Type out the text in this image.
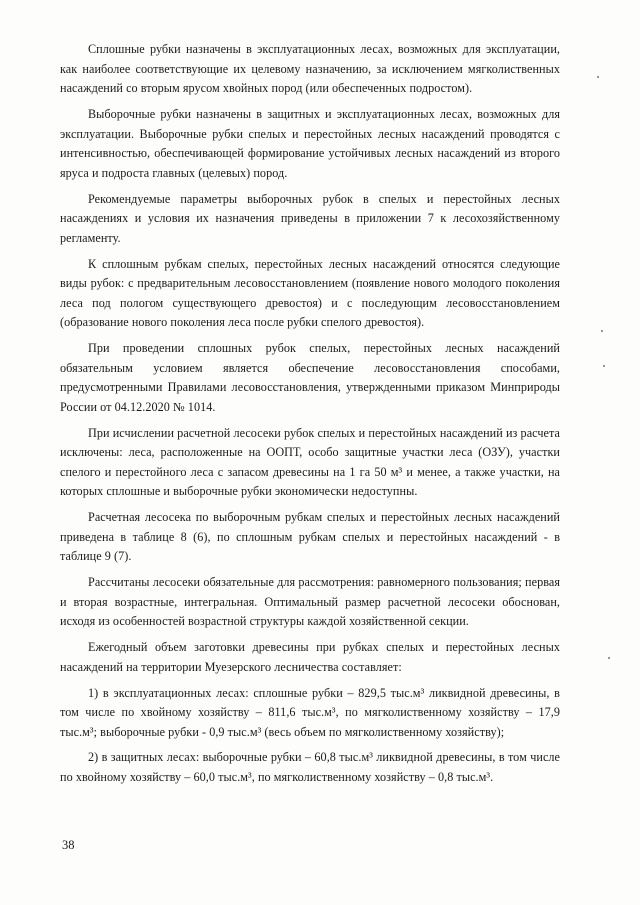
Сплошные рубки назначены в эксплуатационных лесах, возможных для эксплуатации, как наиболее соответствующие их целевому назначению, за исключением мягколиственных насаждений со вторым ярусом хвойных пород (или обеспеченных подростом).

Выборочные рубки назначены в защитных и эксплуатационных лесах, возможных для эксплуатации. Выборочные рубки спелых и перестойных лесных насаждений проводятся с интенсивностью, обеспечивающей формирование устойчивых лесных насаждений из второго яруса и подроста главных (целевых) пород.

Рекомендуемые параметры выборочных рубок в спелых и перестойных лесных насаждениях и условия их назначения приведены в приложении 7 к лесохозяйственному регламенту.

К сплошным рубкам спелых, перестойных лесных насаждений относятся следующие виды рубок: с предварительным лесовосстановлением (появление нового молодого поколения леса под пологом существующего древостоя) и с последующим лесовосстановлением (образование нового поколения леса после рубки спелого древостоя).

При проведении сплошных рубок спелых, перестойных лесных насаждений обязательным условием является обеспечение лесовосстановления способами, предусмотренными Правилами лесовосстановления, утвержденными приказом Минприроды России от 04.12.2020 № 1014.

При исчислении расчетной лесосеки рубок спелых и перестойных насаждений из расчета исключены: леса, расположенные на ООПТ, особо защитные участки леса (ОЗУ), участки спелого и перестойного леса с запасом древесины на 1 га 50 м³ и менее, а также участки, на которых сплошные и выборочные рубки экономически недоступны.

Расчетная лесосека по выборочным рубкам спелых и перестойных лесных насаждений приведена в таблице 8 (6), по сплошным рубкам спелых и перестойных насаждений - в таблице 9 (7).

Рассчитаны лесосеки обязательные для рассмотрения: равномерного пользования; первая и вторая возрастные, интегральная. Оптимальный размер расчетной лесосеки обоснован, исходя из особенностей возрастной структуры каждой хозяйственной секции.

Ежегодный объем заготовки древесины при рубках спелых и перестойных лесных насаждений на территории Муезерского лесничества составляет:

1) в эксплуатационных лесах: сплошные рубки – 829,5 тыс.м³ ликвидной древесины, в том числе по хвойному хозяйству – 811,6 тыс.м³, по мягколиственному хозяйству – 17,9 тыс.м³; выборочные рубки - 0,9 тыс.м³ (весь объем по мягколиственному хозяйству);

2) в защитных лесах: выборочные рубки – 60,8 тыс.м³ ликвидной древесины, в том числе по хвойному хозяйству – 60,0 тыс.м³, по мягколиственному хозяйству – 0,8 тыс.м³.

38
